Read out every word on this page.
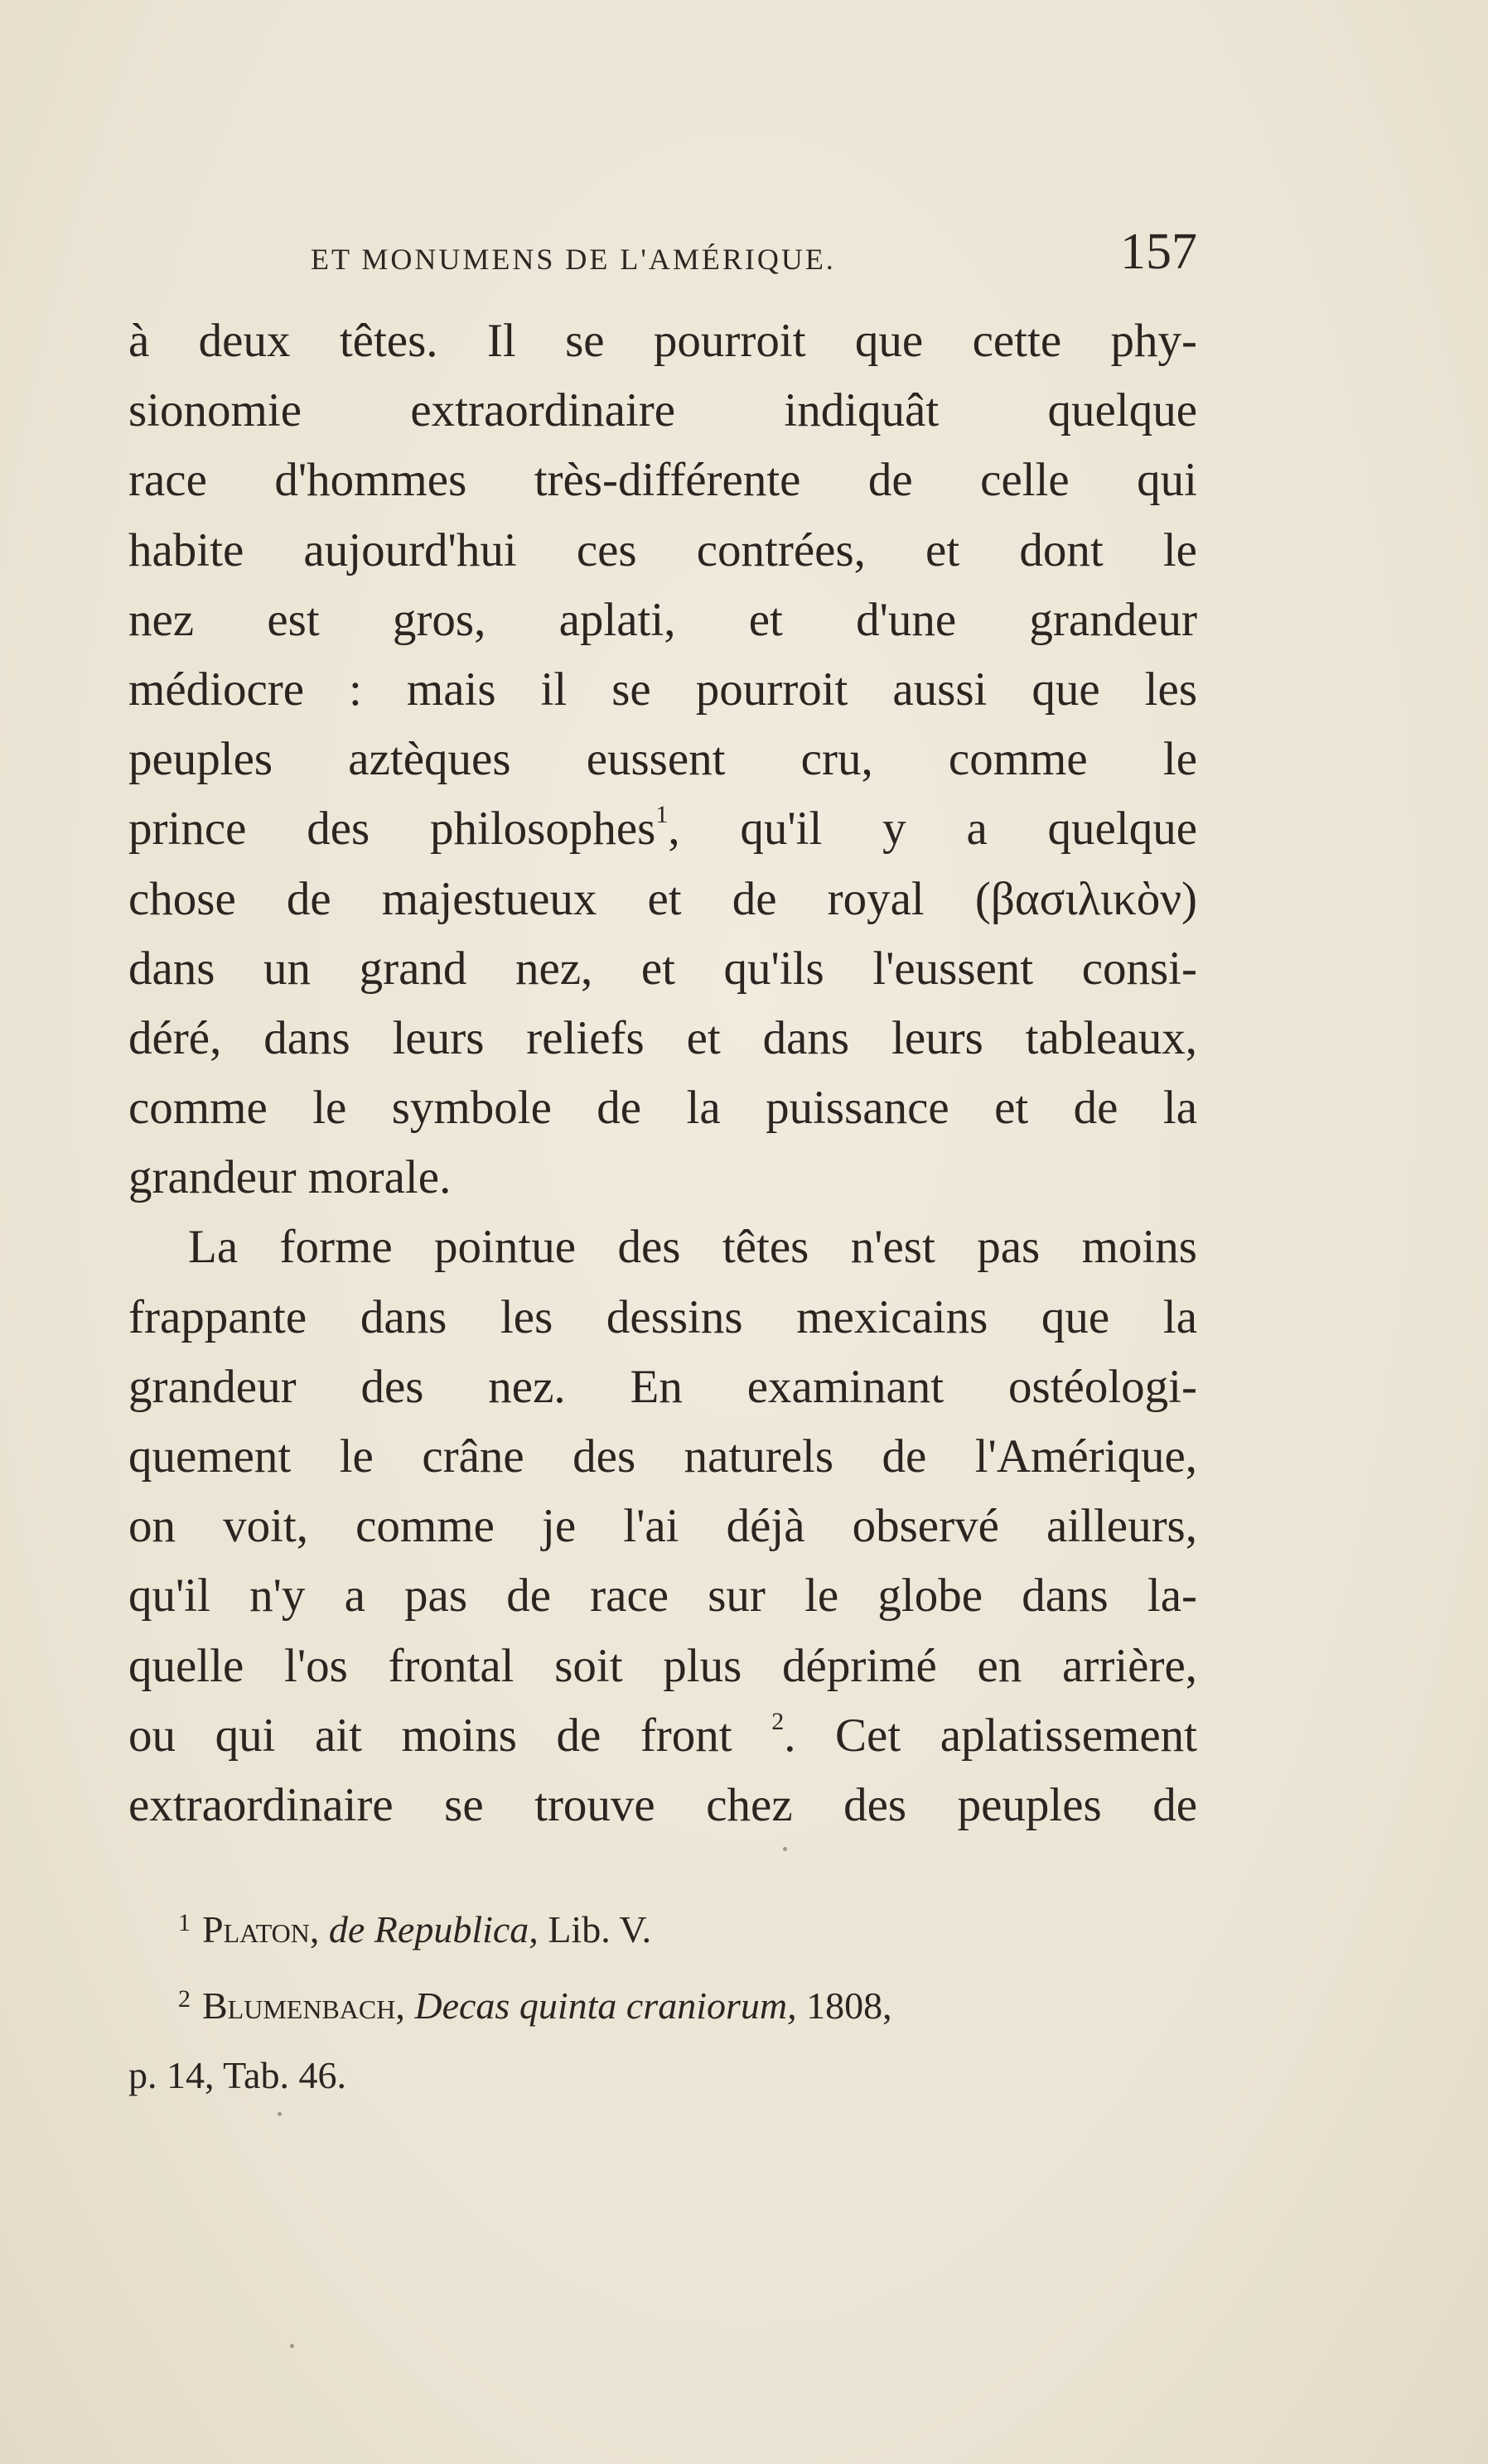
ET MONUMENS DE L'AMÉRIQUE.	157
à deux têtes. Il se pourroit que cette phy-
sionomie extraordinaire indiquât quelque
race d'hommes très-différente de celle qui
habite aujourd'hui ces contrées, et dont le
nez est gros, aplati, et d'une grandeur
médiocre : mais il se pourroit aussi que les
peuples aztèques eussent cru, comme le
prince des philosophes$^1$, qu'il y a quelque
chose de majestueux et de royal (βασιλικὸν)
dans un grand nez, et qu'ils l'eussent consi-
déré, dans leurs reliefs et dans leurs tableaux,
comme le symbole de la puissance et de la
grandeur morale.
La forme pointue des têtes n'est pas moins
frappante dans les dessins mexicains que la
grandeur des nez. En examinant ostéologi-
quement le crâne des naturels de l'Amérique,
on voit, comme je l'ai déjà observé ailleurs,
qu'il n'y a pas de race sur le globe dans la-
quelle l'os frontal soit plus déprimé en arrière,
ou qui ait moins de front $^2$. Cet aplatissement
extraordinaire se trouve chez des peuples de
$^1$ Platon, de Republica, Lib. V.
$^2$ Blumenbach, Decas quinta craniorum, 1808,
p. 14, Tab. 46.
